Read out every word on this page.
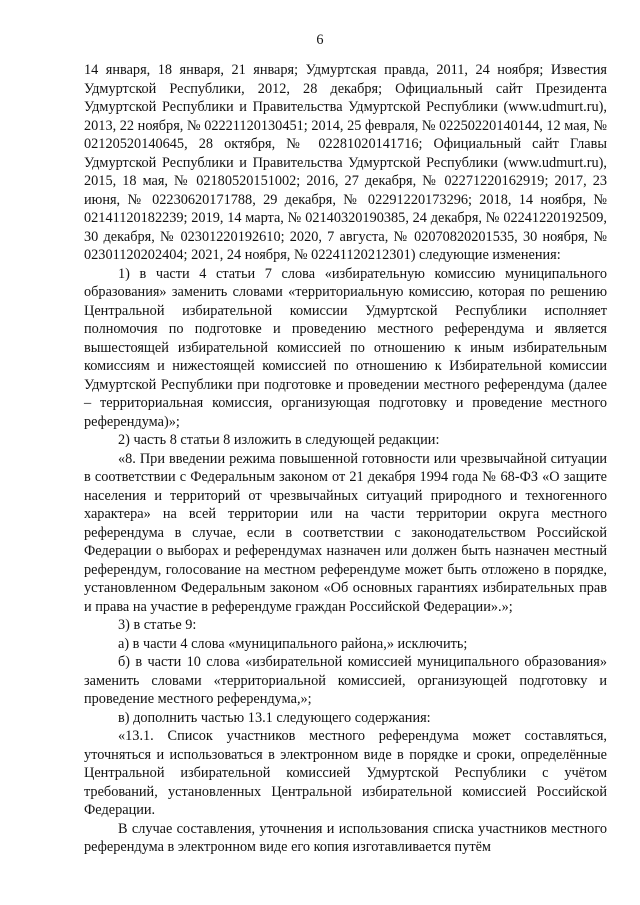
6

14 января, 18 января, 21 января; Удмуртская правда, 2011, 24 ноября; Известия Удмуртской Республики, 2012, 28 декабря; Официальный сайт Президента Удмуртской Республики и Правительства Удмуртской Республики (www.udmurt.ru), 2013, 22 ноября, № 02221120130451; 2014, 25 февраля, № 02250220140144, 12 мая, № 02120520140645, 28 октября, № 02281020141716; Официальный сайт Главы Удмуртской Республики и Правительства Удмуртской Республики (www.udmurt.ru), 2015, 18 мая, № 02180520151002; 2016, 27 декабря, № 02271220162919; 2017, 23 июня, № 02230620171788, 29 декабря, № 02291220173296; 2018, 14 ноября, № 02141120182239; 2019, 14 марта, № 02140320190385, 24 декабря, № 02241220192509, 30 декабря, № 02301220192610; 2020, 7 августа, № 02070820201535, 30 ноября, № 02301120202404; 2021, 24 ноября, № 02241120212301) следующие изменения:

1) в части 4 статьи 7 слова «избирательную комиссию муниципального образования» заменить словами «территориальную комиссию, которая по решению Центральной избирательной комиссии Удмуртской Республики исполняет полномочия по подготовке и проведению местного референдума и является вышестоящей избирательной комиссией по отношению к иным избирательным комиссиям и нижестоящей комиссией по отношению к Избирательной комиссии Удмуртской Республики при подготовке и проведении местного референдума (далее – территориальная комиссия, организующая подготовку и проведение местного референдума)»;

2) часть 8 статьи 8 изложить в следующей редакции:

«8. При введении режима повышенной готовности или чрезвычайной ситуации в соответствии с Федеральным законом от 21 декабря 1994 года № 68-ФЗ «О защите населения и территорий от чрезвычайных ситуаций природного и техногенного характера» на всей территории или на части территории округа местного референдума в случае, если в соответствии с законодательством Российской Федерации о выборах и референдумах назначен или должен быть назначен местный референдум, голосование на местном референдуме может быть отложено в порядке, установленном Федеральным законом «Об основных гарантиях избирательных прав и права на участие в референдуме граждан Российской Федерации».»;

3) в статье 9:

а) в части 4 слова «муниципального района,» исключить;

б) в части 10 слова «избирательной комиссией муниципального образования» заменить словами «территориальной комиссией, организующей подготовку и проведение местного референдума,»;

в) дополнить частью 13.1 следующего содержания:

«13.1. Список участников местного референдума может составляться, уточняться и использоваться в электронном виде в порядке и сроки, определённые Центральной избирательной комиссией Удмуртской Республики с учётом требований, установленных Центральной избирательной комиссией Российской Федерации.

В случае составления, уточнения и использования списка участников местного референдума в электронном виде его копия изготавливается путём
